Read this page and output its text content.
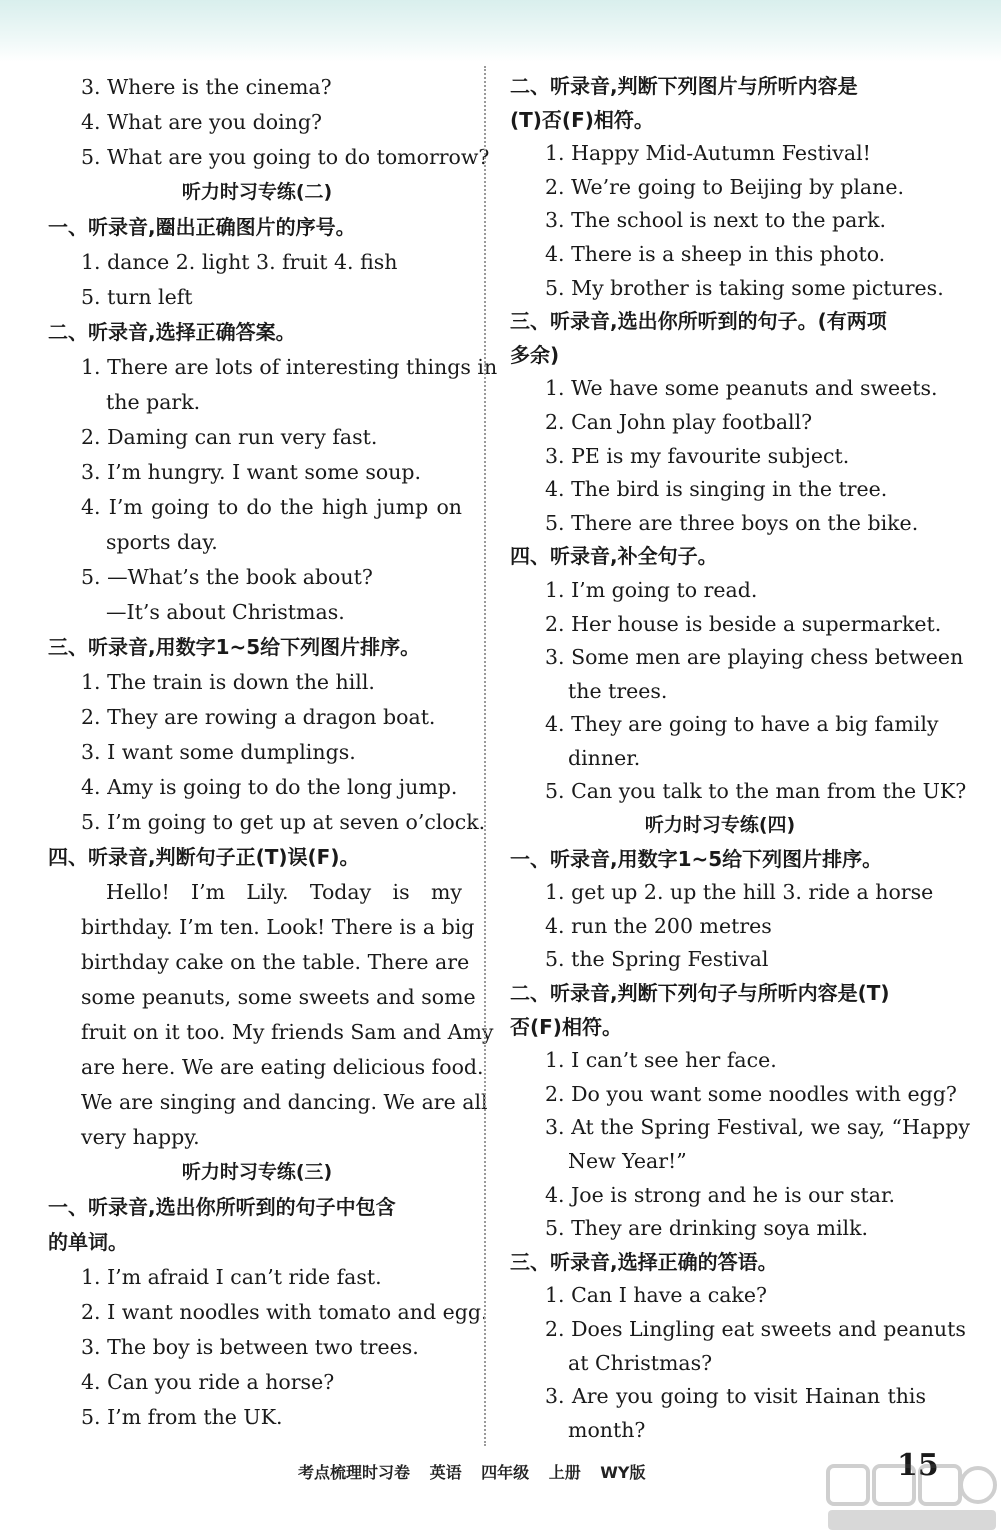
3. Where is the cinema?
4. What are you doing?
5. What are you going to do tomorrow?
听力时习专练(二)
一、听录音,圈出正确图片的序号。
1. dance 2. light 3. fruit 4. fish
5. turn left
二、听录音,选择正确答案。
1. There are lots of interesting things in
the park.
2. Daming can run very fast.
3. I’m hungry. I want some soup.
4. I’m going to do the high jump on
sports day.
5. —What’s the book about?
—It’s about Christmas.
三、听录音,用数字1~5给下列图片排序。
1. The train is down the hill.
2. They are rowing a dragon boat.
3. I want some dumplings.
4. Amy is going to do the long jump.
5. I’m going to get up at seven o’clock.
四、听录音,判断句子正(T)误(F)。
Hello! I’m Lily. Today is my
birthday. I’m ten. Look! There is a big
birthday cake on the table. There are
some peanuts, some sweets and some
fruit on it too. My friends Sam and Amy
are here. We are eating delicious food.
We are singing and dancing. We are all
very happy.
听力时习专练(三)
一、听录音,选出你所听到的句子中包含
的单词。
1. I’m afraid I can’t ride fast.
2. I want noodles with tomato and egg.
3. The boy is between two trees.
4. Can you ride a horse?
5. I’m from the UK.
二、听录音,判断下列图片与所听内容是
(T)否(F)相符。
1. Happy Mid-Autumn Festival!
2. We’re going to Beijing by plane.
3. The school is next to the park.
4. There is a sheep in this photo.
5. My brother is taking some pictures.
三、听录音,选出你所听到的句子。(有两项
多余)
1. We have some peanuts and sweets.
2. Can John play football?
3. PE is my favourite subject.
4. The bird is singing in the tree.
5. There are three boys on the bike.
四、听录音,补全句子。
1. I’m going to read.
2. Her house is beside a supermarket.
3. Some men are playing chess between
the trees.
4. They are going to have a big family
dinner.
5. Can you talk to the man from the UK?
听力时习专练(四)
一、听录音,用数字1~5给下列图片排序。
1. get up 2. up the hill 3. ride a horse
4. run the 200 metres
5. the Spring Festival
二、听录音,判断下列句子与所听内容是(T)
否(F)相符。
1. I can’t see her face.
2. Do you want some noodles with egg?
3. At the Spring Festival, we say, “Happy
New Year!”
4. Joe is strong and he is our star.
5. They are drinking soya milk.
三、听录音,选择正确的答语。
1. Can I have a cake?
2. Does Lingling eat sweets and peanuts
at Christmas?
3. Are you going to visit Hainan this
month?
考点梳理时习卷 英语 四年级 上册 WY版	15
